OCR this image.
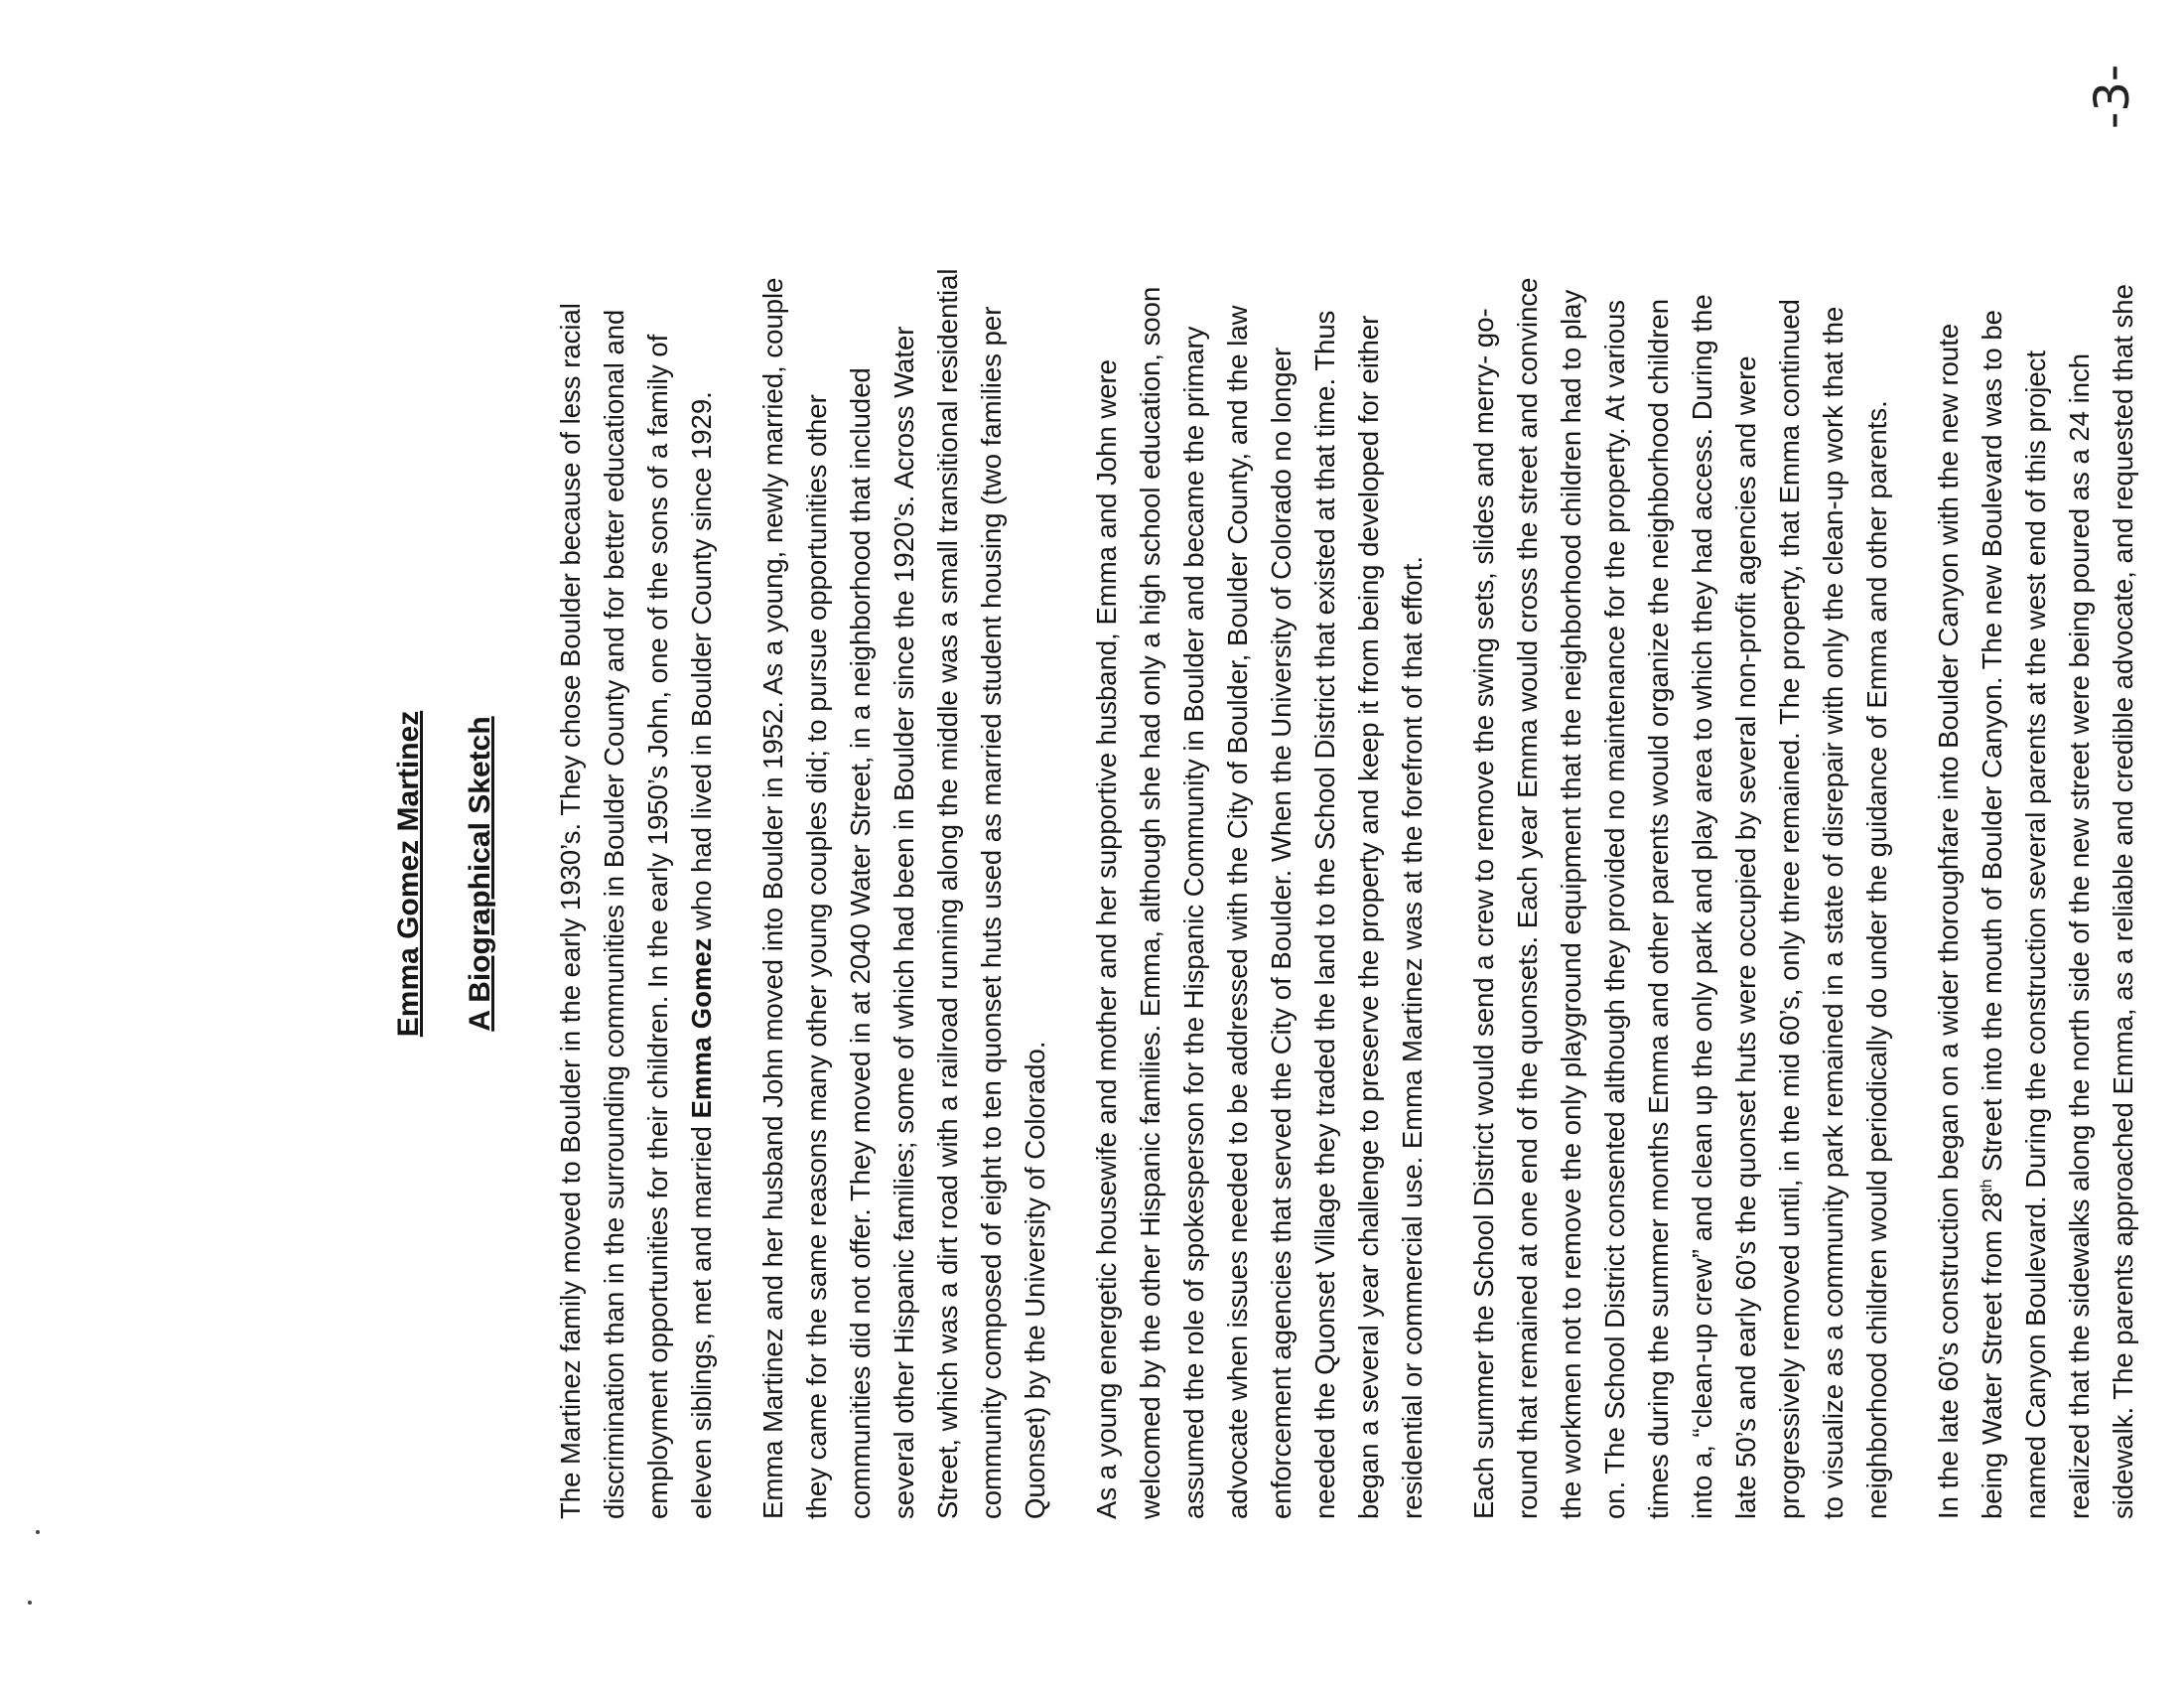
-3-
Emma Gomez Martinez A Biographical Sketch The Martinez family moved to Boulder in the early 1930’s. They chose Boulder because of less racial discrimination than in the surrounding communities in Boulder County and for better educational and employment opportunities for their children. In the early 1950’s John, one of the sons of a family of eleven siblings, met and married Emma Gomez who had lived in Boulder County since 1929. Emma Martinez and her husband John moved into Boulder in 1952. As a young, newly married, couple they came for the same reasons many other young couples did; to pursue opportunities other communities did not offer. They moved in at 2040 Water Street, in a neighborhood that included several other Hispanic families; some of which had been in Boulder since the 1920’s. Across Water Street, which was a dirt road with a railroad running along the middle was a small transitional residential community composed of eight to ten quonset huts used as married student housing (two families per Quonset) by the University of Colorado. As a young energetic housewife and mother and her supportive husband, Emma and John were welcomed by the other Hispanic families. Emma, although she had only a high school education, soon assumed the role of spokesperson for the Hispanic Community in Boulder and became the primary advocate when issues needed to be addressed with the City of Boulder, Boulder County, and the law enforcement agencies that served the City of Boulder. When the University of Colorado no longer needed the Quonset Village they traded the land to the School District that existed at that time. Thus began a several year challenge to preserve the property and keep it from being developed for either residential or commercial use. Emma Martinez was at the forefront of that effort. Each summer the School District would send a crew to remove the swing sets, slides and merry- go- round that remained at one end of the quonsets. Each year Emma would cross the street and convince the workmen not to remove the only playground equipment that the neighborhood children had to play on. The School District consented although they provided no maintenance for the property. At various times during the summer months Emma and other parents would organize the neighborhood children into a, “clean-up crew” and clean up the only park and play area to which they had access. During the late 50’s and early 60’s the quonset huts were occupied by several non-profit agencies and were progressively removed until, in the mid 60’s, only three remained. The property, that Emma continued to visualize as a community park remained in a state of disrepair with only the clean-up work that the neighborhood children would periodically do under the guidance of Emma and other parents. In the late 60’s construction began on a wider thoroughfare into Boulder Canyon with the new route being Water Street from 28th Street into the mouth of Boulder Canyon. The new Boulevard was to be named Canyon Boulevard. During the construction several parents at the west end of this project realized that the sidewalks along the north side of the new street were being poured as a 24 inch sidewalk. The parents approached Emma, as a reliable and credible advocate, and requested that she
